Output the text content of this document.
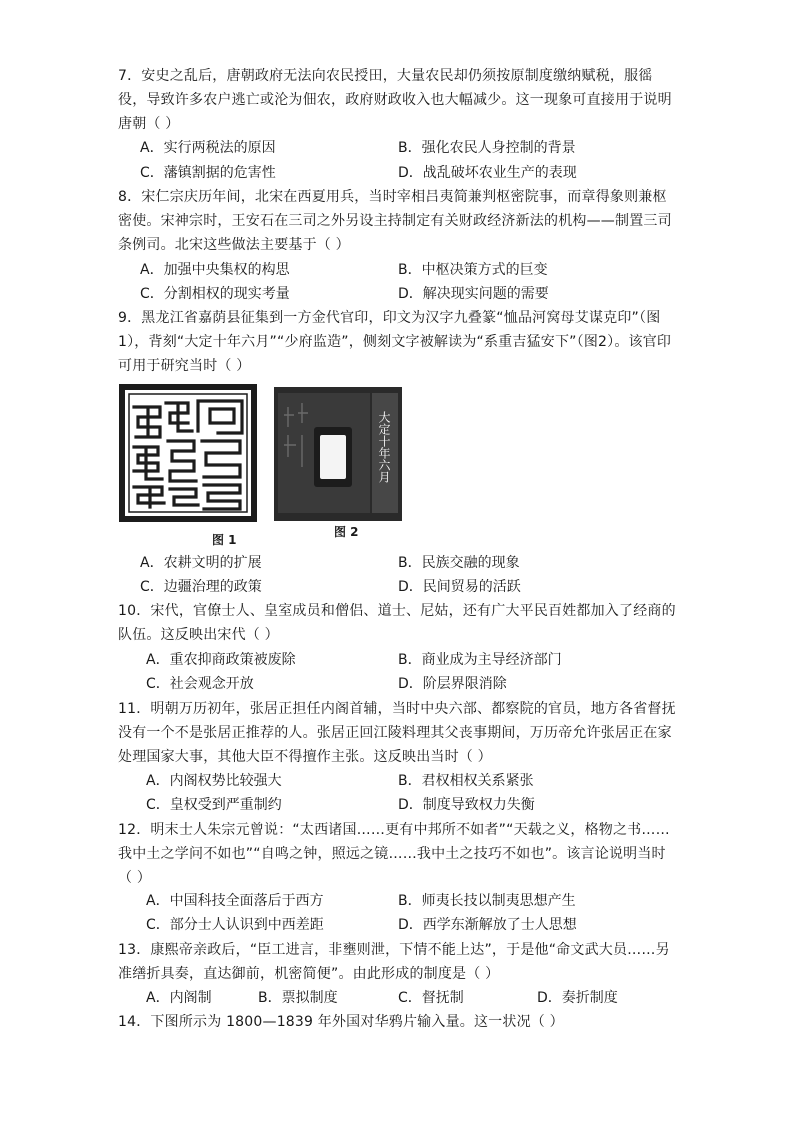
7．安史之乱后，唐朝政府无法向农民授田，大量农民却仍须按原制度缴纳赋税，服徭役，导致许多农户逃亡或沦为佃农，政府财政收入也大幅减少。这一现象可直接用于说明唐朝（ ）

A．实行两税法的原因	B．强化农民人身控制的背景
C．藩镇割据的危害性	D．战乱破坏农业生产的表现

8．宋仁宗庆历年间，北宋在西夏用兵，当时宰相吕夷简兼判枢密院事，而章得象则兼枢密使。宋神宗时，王安石在三司之外另设主持制定有关财政经济新法的机构——制置三司条例司。北宋这些做法主要基于（ ）

A．加强中央集权的构思	B．中枢决策方式的巨变
C．分割相权的现实考量	D．解决现实问题的需要

9．黑龙江省嘉荫县征集到一方金代官印，印文为汉字九叠篆“恤品河窝母艾谋克印”（图1），背刻“大定十年六月”“少府监造”，侧刻文字被解读为“系重吉猛安下”（图2）。该官印可用于研究当时（ ）

图 1
大定十年六月
图 2
A．农耕文明的扩展	B．民族交融的现象
C．边疆治理的政策	D．民间贸易的活跃

10．宋代，官僚士人、皇室成员和僧侣、道士、尼姑，还有广大平民百姓都加入了经商的队伍。这反映出宋代（ ）

A．重农抑商政策被废除	B．商业成为主导经济部门
C．社会观念开放	D．阶层界限消除

11．明朝万历初年，张居正担任内阁首辅，当时中央六部、都察院的官员，地方各省督抚没有一个不是张居正推荐的人。张居正回江陵料理其父丧事期间，万历帝允许张居正在家处理国家大事，其他大臣不得擅作主张。这反映出当时（ ）

A．内阁权势比较强大	B．君权相权关系紧张
C．皇权受到严重制约	D．制度导致权力失衡

12．明末士人朱宗元曾说：“太西诸国……更有中邦所不如者”“天载之义，格物之书……我中土之学问不如也”“自鸣之钟，照远之镜……我中土之技巧不如也”。该言论说明当时（ ）

A．中国科技全面落后于西方	B．师夷长技以制夷思想产生
C．部分士人认识到中西差距	D．西学东渐解放了士人思想

13．康熙帝亲政后，“臣工进言，非壅则泄，下情不能上达”，于是他“命文武大员……另准缮折具奏，直达御前，机密简便”。由此形成的制度是（ ）

A．内阁制	B．票拟制度	C．督抚制	D．奏折制度

14．下图所示为 1800—1839 年外国对华鸦片输入量。这一状况（ ）
